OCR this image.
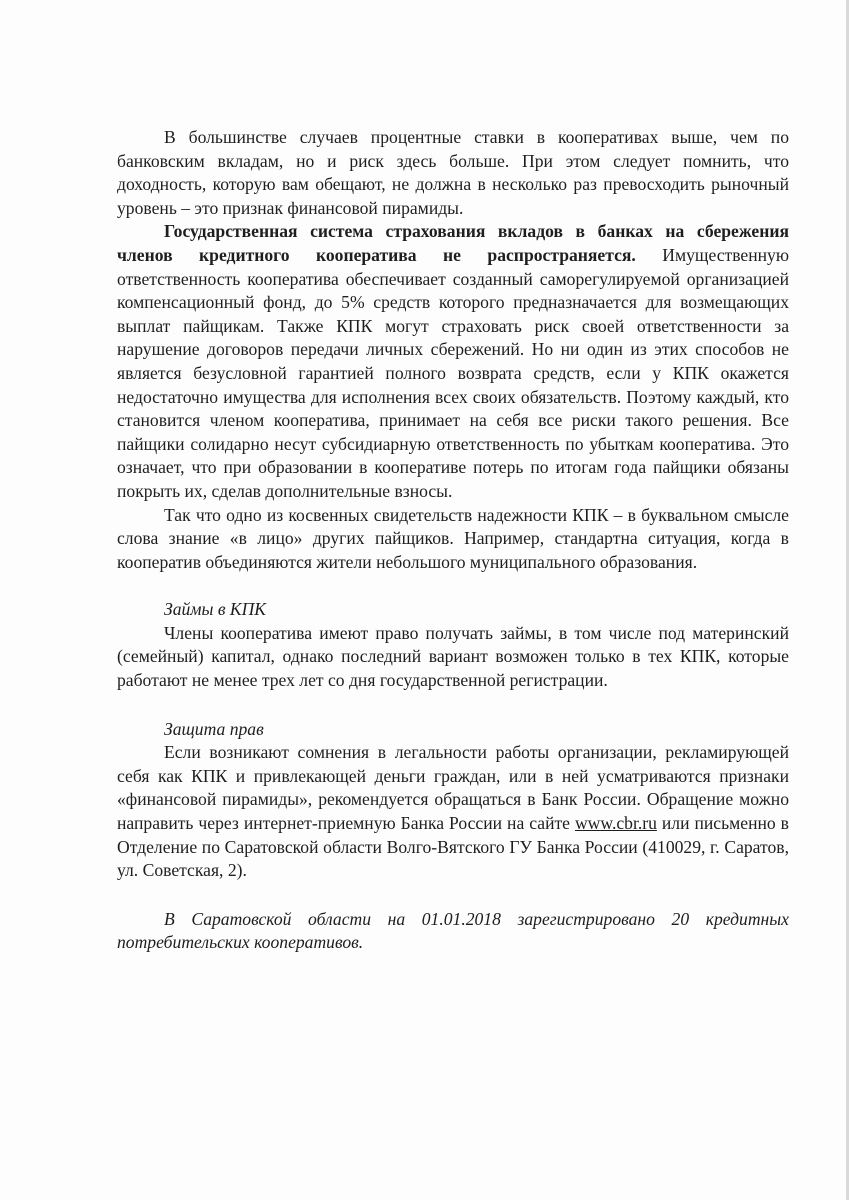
В большинстве случаев процентные ставки в кооперативах выше, чем по банковским вкладам, но и риск здесь больше. При этом следует помнить, что доходность, которую вам обещают, не должна в несколько раз превосходить рыночный уровень – это признак финансовой пирамиды.

Государственная система страхования вкладов в банках на сбережения членов кредитного кооператива не распространяется. Имущественную ответственность кооператива обеспечивает созданный саморегулируемой организацией компенсационный фонд, до 5% средств которого предназначается для возмещающих выплат пайщикам. Также КПК могут страховать риск своей ответственности за нарушение договоров передачи личных сбережений. Но ни один из этих способов не является безусловной гарантией полного возврата средств, если у КПК окажется недостаточно имущества для исполнения всех своих обязательств. Поэтому каждый, кто становится членом кооператива, принимает на себя все риски такого решения. Все пайщики солидарно несут субсидиарную ответственность по убыткам кооператива. Это означает, что при образовании в кооперативе потерь по итогам года пайщики обязаны покрыть их, сделав дополнительные взносы.

Так что одно из косвенных свидетельств надежности КПК – в буквальном смысле слова знание «в лицо» других пайщиков. Например, стандартна ситуация, когда в кооператив объединяются жители небольшого муниципального образования.

Займы в КПК

Члены кооператива имеют право получать займы, в том числе под материнский (семейный) капитал, однако последний вариант возможен только в тех КПК, которые работают не менее трех лет со дня государственной регистрации.

Защита прав

Если возникают сомнения в легальности работы организации, рекламирующей себя как КПК и привлекающей деньги граждан, или в ней усматриваются признаки «финансовой пирамиды», рекомендуется обращаться в Банк России. Обращение можно направить через интернет-приемную Банка России на сайте www.cbr.ru или письменно в Отделение по Саратовской области Волго-Вятского ГУ Банка России (410029, г. Саратов, ул. Советская, 2).

В Саратовской области на 01.01.2018 зарегистрировано 20 кредитных потребительских кооперативов.
